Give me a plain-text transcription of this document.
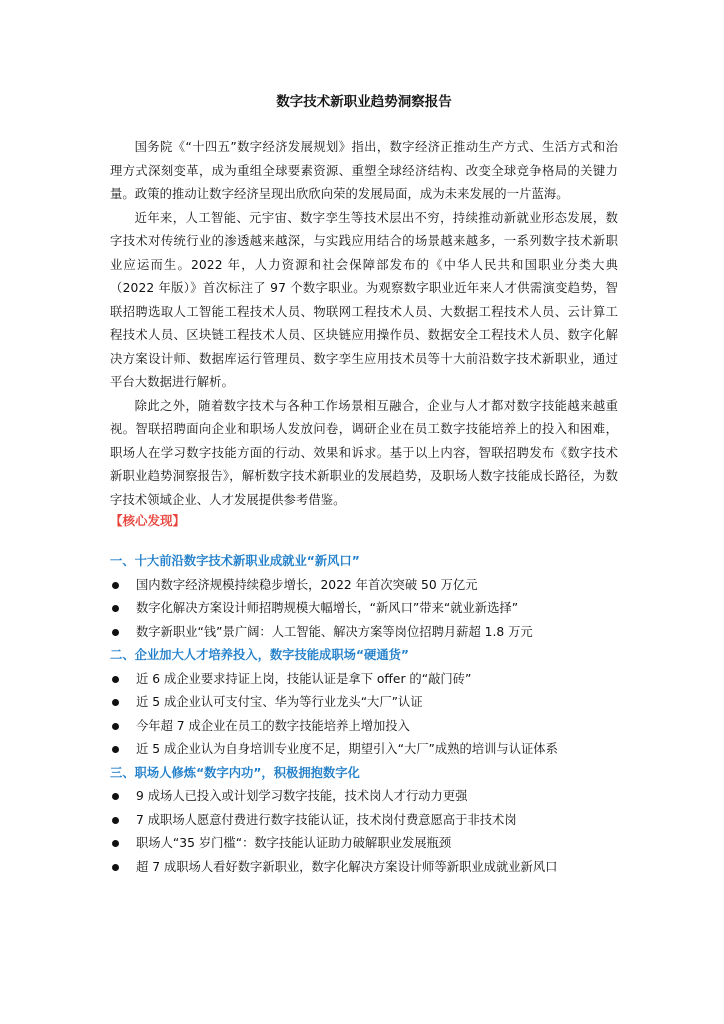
数字技术新职业趋势洞察报告

国务院《“十四五”数字经济发展规划》指出，数字经济正推动生产方式、生活方式和治理方式深刻变革，成为重组全球要素资源、重塑全球经济结构、改变全球竞争格局的关键力量。政策的推动让数字经济呈现出欣欣向荣的发展局面，成为未来发展的一片蓝海。

近年来，人工智能、元宇宙、数字孪生等技术层出不穷，持续推动新就业形态发展，数字技术对传统行业的渗透越来越深，与实践应用结合的场景越来越多，一系列数字技术新职业应运而生。2022 年，人力资源和社会保障部发布的《中华人民共和国职业分类大典（2022 年版）》首次标注了 97 个数字职业。为观察数字职业近年来人才供需演变趋势，智联招聘选取人工智能工程技术人员、物联网工程技术人员、大数据工程技术人员、云计算工程技术人员、区块链工程技术人员、区块链应用操作员、数据安全工程技术人员、数字化解决方案设计师、数据库运行管理员、数字孪生应用技术员等十大前沿数字技术新职业，通过平台大数据进行解析。

除此之外，随着数字技术与各种工作场景相互融合，企业与人才都对数字技能越来越重视。智联招聘面向企业和职场人发放问卷，调研企业在员工数字技能培养上的投入和困难，职场人在学习数字技能方面的行动、效果和诉求。基于以上内容，智联招聘发布《数字技术新职业趋势洞察报告》，解析数字技术新职业的发展趋势，及职场人数字技能成长路径，为数字技术领域企业、人才发展提供参考借鉴。

【核心发现】

一、十大前沿数字技术新职业成就业“新风口”

国内数字经济规模持续稳步增长，2022 年首次突破 50 万亿元
数字化解决方案设计师招聘规模大幅增长，“新风口”带来“就业新选择”
数字新职业“钱”景广阔：人工智能、解决方案等岗位招聘月薪超 1.8 万元

二、企业加大人才培养投入，数字技能成职场“硬通货”

近 6 成企业要求持证上岗，技能认证是拿下 offer 的“敲门砖”
近 5 成企业认可支付宝、华为等行业龙头“大厂”认证
今年超 7 成企业在员工的数字技能培养上增加投入
近 5 成企业认为自身培训专业度不足，期望引入“大厂”成熟的培训与认证体系

三、职场人修炼“数字内功”，积极拥抱数字化

9 成场人已投入或计划学习数字技能，技术岗人才行动力更强
7 成职场人愿意付费进行数字技能认证，技术岗付费意愿高于非技术岗
职场人“35 岁门槛“：数字技能认证助力破解职业发展瓶颈
超 7 成职场人看好数字新职业，数字化解决方案设计师等新职业成就业新风口
